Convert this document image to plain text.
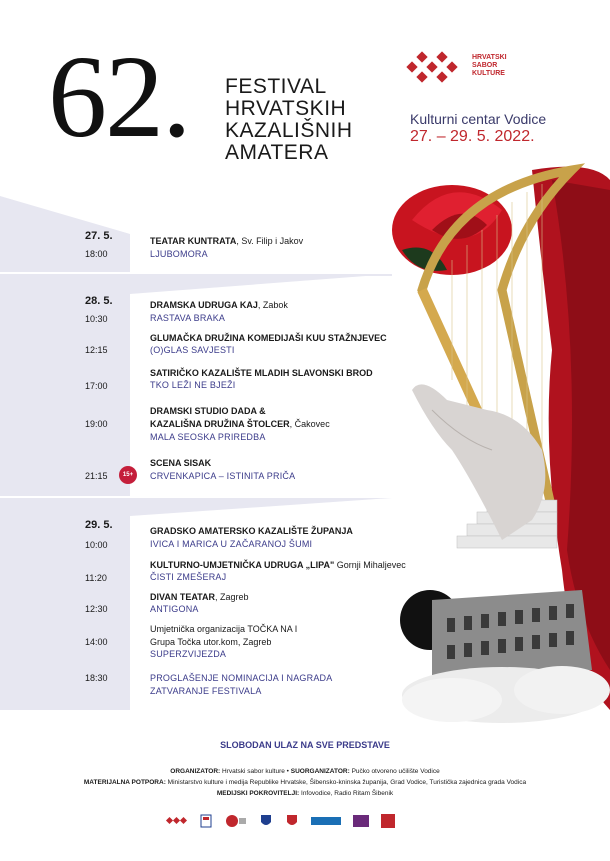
62. FESTIVAL
HRVATSKIH
KAZALIŠNIH
AMATERA
HRVATSKI
SABOR
KULTURE
Kulturni centar Vodice
27. – 29. 5. 2022.
27. 5.
18:00
TEATAR KUNTRATA, Sv. Filip i Jakov
LJUBOMORA
28. 5.
10:30
DRAMSKA UDRUGA KAJ, Zabok
RASTAVA BRAKA
12:15
GLUMAČKA DRUŽINA KOMEDIJAŠI KUU STAŽNJEVEC
(O)GLAS SAVJESTI
17:00
SATIRIČKO KAZALIŠTE MLADIH SLAVONSKI BROD
TKO LEŽI NE BJEŽI
19:00
DRAMSKI STUDIO DADA &
KAZALIŠNA DRUŽINA ŠTOLCER, Čakovec
MALA SEOSKA PRIREDBA
21:15	15+
SCENA SISAK
CRVENKAPICA – ISTINITA PRIČA
29. 5.
10:00
GRADSKO AMATERSKO KAZALIŠTE ŽUPANJA
IVICA I MARICA U ZAČARANOJ ŠUMI
11:20
KULTURNO-UMJETNIČKA UDRUGA „LIPA" Gornji Mihaljevec
ČISTI ZMEŠERAJ
12:30
DIVAN TEATAR, Zagreb
ANTIGONA
14:00
Umjetnička organizacija TOČKA NA I
Grupa Točka utor.kom, Zagreb
SUPERZVIJEZDA
18:30	PROGLAŠENJE NOMINACIJA I NAGRADA
ZATVARANJE FESTIVALA
SLOBODAN ULAZ NA SVE PREDSTAVE
ORGANIZATOR: Hrvatski sabor kulture • SUORGANIZATOR: Pučko otvoreno učilište Vodice
MATERIJALNA POTPORA: Ministarstvo kulture i medija Republike Hrvatske, Šibensko-kninska županija, Grad Vodice, Turistička zajednica grada Vodica
MEDIJSKI POKROVITELJI: Infovodice, Radio Ritam Šibenik
